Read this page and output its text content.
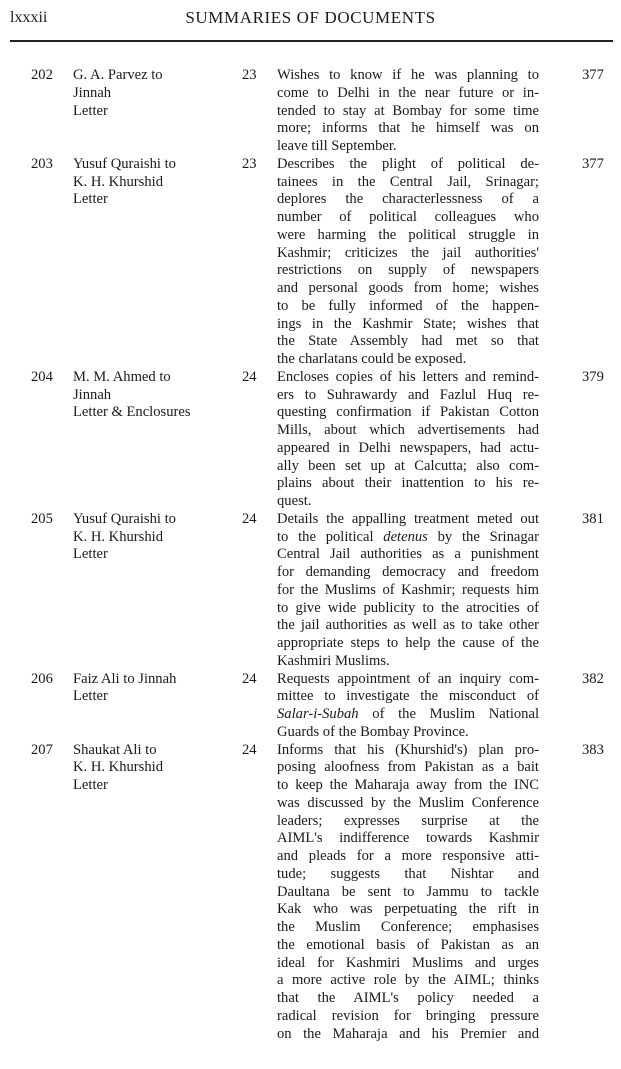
lxxxii	SUMMARIES OF DOCUMENTS
202 G. A. Parvez to
Jinnah
Letter
23 Wishes to know if he was planning to
come to Delhi in the near future or in-
tended to stay at Bombay for some time
more; informs that he himself was on
leave till September.
377
203 Yusuf Quraishi to
K. H. Khurshid
Letter
23 Describes the plight of political de-
tainees in the Central Jail, Srinagar;
deplores the characterlessness of a
number of political colleagues who
were harming the political struggle in
Kashmir; criticizes the jail authorities'
restrictions on supply of newspapers
and personal goods from home; wishes
to be fully informed of the happen-
ings in the Kashmir State; wishes that
the State Assembly had met so that
the charlatans could be exposed.
377
204 M. M. Ahmed to
Jinnah
Letter & Enclosures
24 Encloses copies of his letters and remind-
ers to Suhrawardy and Fazlul Huq re-
questing confirmation if Pakistan Cotton
Mills, about which advertisements had
appeared in Delhi newspapers, had actu-
ally been set up at Calcutta; also com-
plains about their inattention to his re-
quest.
379
205 Yusuf Quraishi to
K. H. Khurshid
Letter
24 Details the appalling treatment meted out
to the political detenus by the Srinagar
Central Jail authorities as a punishment
for demanding democracy and freedom
for the Muslims of Kashmir; requests him
to give wide publicity to the atrocities of
the jail authorities as well as to take other
appropriate steps to help the cause of the
Kashmiri Muslims.
381
206 Faiz Ali to Jinnah
Letter
24 Requests appointment of an inquiry com-
mittee to investigate the misconduct of
Salar-i-Subah of the Muslim National
Guards of the Bombay Province.
382
207 Shaukat Ali to
K. H. Khurshid
Letter
24 Informs that his (Khurshid's) plan pro-
posing aloofness from Pakistan as a bait
to keep the Maharaja away from the INC
was discussed by the Muslim Conference
leaders; expresses surprise at the
AIML's indifference towards Kashmir
and pleads for a more responsive atti-
tude; suggests that Nishtar and
Daultana be sent to Jammu to tackle
Kak who was perpetuating the rift in
the Muslim Conference; emphasises
the emotional basis of Pakistan as an
ideal for Kashmiri Muslims and urges
a more active role by the AIML; thinks
that the AIML's policy needed a
radical revision for bringing pressure
on the Maharaja and his Premier and
383
